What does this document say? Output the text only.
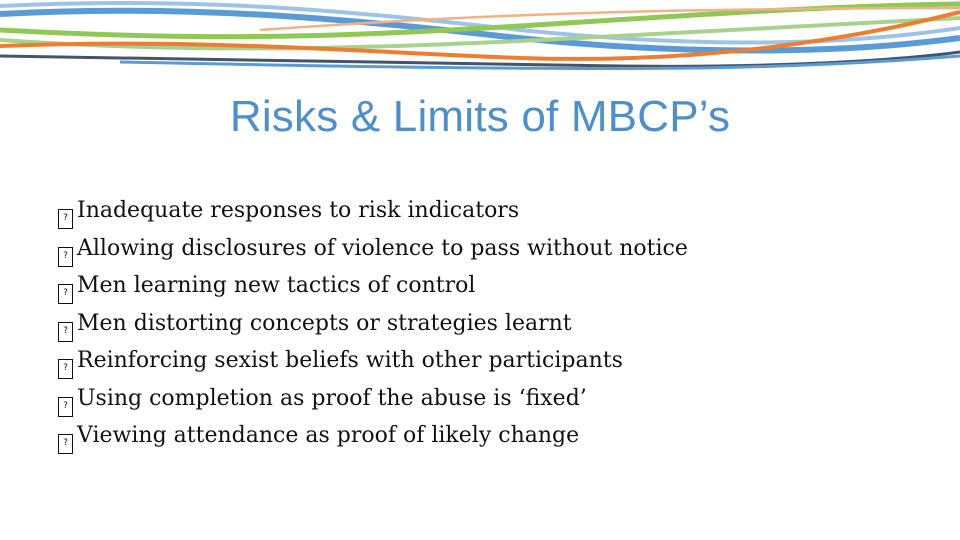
Risks & Limits of MBCP’s
? Inadequate responses to risk indicators
? Allowing disclosures of violence to pass without notice
? Men learning new tactics of control
? Men distorting concepts or strategies learnt
? Reinforcing sexist beliefs with other participants
? Using completion as proof the abuse is ‘fixed’
? Viewing attendance as proof of likely change
